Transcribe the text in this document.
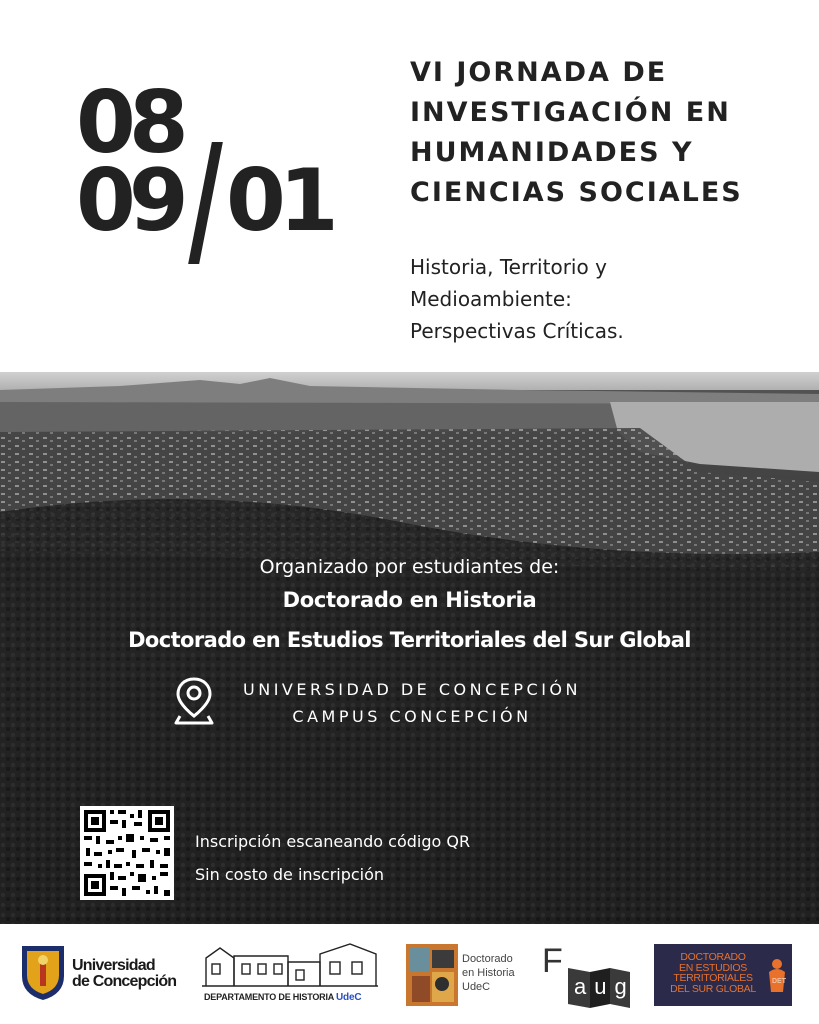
08
09 01
VI JORNADA DE
INVESTIGACIÓN EN
HUMANIDADES Y
CIENCIAS SOCIALES
Historia, Territorio y
Medioambiente:
Perspectivas Críticas.
Organizado por estudiantes de:
Doctorado en Historia
Doctorado en Estudios Territoriales del Sur Global
UNIVERSIDAD DE CONCEPCIÓN
CAMPUS CONCEPCIÓN
Inscripción escaneando código QR
Sin costo de inscripción
Universidad
de Concepción
DEPARTAMENTO DE HISTORIA UdeC
Doctorado
en Historia
UdeC
F
aug
DOCTORADO
EN ESTUDIOS
TERRITORIALES
DEL SUR GLOBAL
DET
